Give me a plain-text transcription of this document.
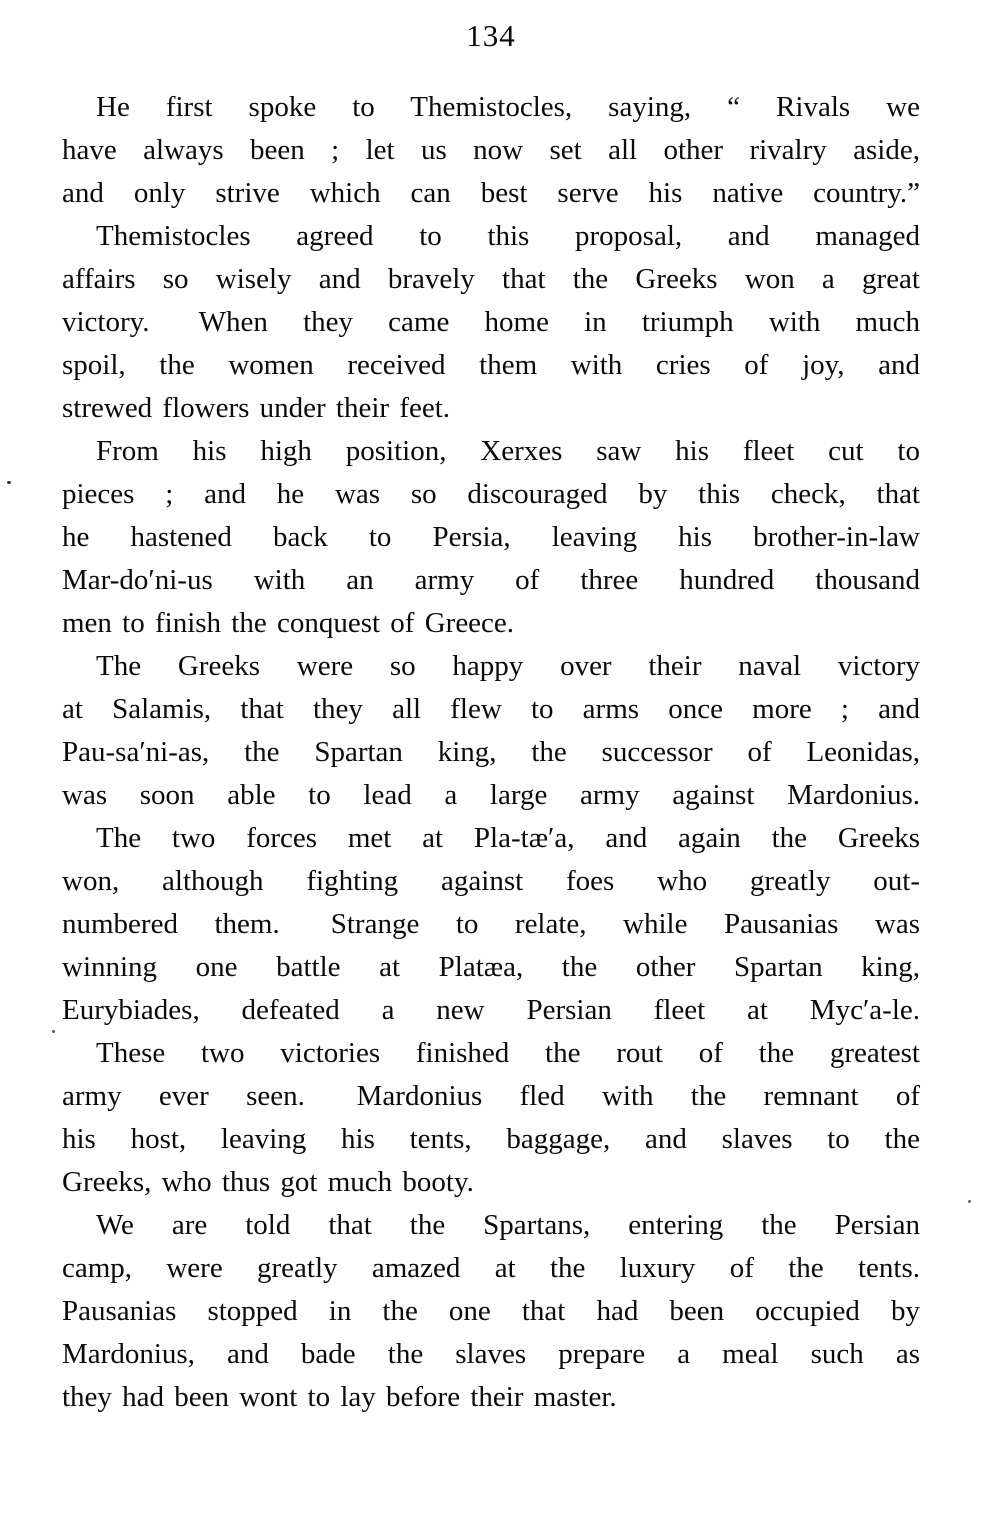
134
He first spoke to Themistocles, saying, “ Rivals we
have always been ; let us now set all other rivalry aside,
and only strive which can best serve his native country.”
Themistocles agreed to this proposal, and managed
affairs so wisely and bravely that the Greeks won a great
victory.  When they came home in triumph with much
spoil, the women received them with cries of joy, and
strewed flowers under their feet.
From his high position, Xerxes saw his fleet cut to
pieces ; and he was so discouraged by this check, that
he hastened back to Persia, leaving his brother-in-law
Mar-do′ni-us with an army of three hundred thousand
men to finish the conquest of Greece.
The Greeks were so happy over their naval victory
at Salamis, that they all flew to arms once more ; and
Pau-sa′ni-as, the Spartan king, the successor of Leonidas,
was soon able to lead a large army against Mardonius.
The two forces met at Pla-tæ′a, and again the Greeks
won, although fighting against foes who greatly out-
numbered them.  Strange to relate, while Pausanias was
winning one battle at Platæa, the other Spartan king,
Eurybiades, defeated a new Persian fleet at Myc′a-le.
These two victories finished the rout of the greatest
army ever seen.  Mardonius fled with the remnant of
his host, leaving his tents, baggage, and slaves to the
Greeks, who thus got much booty.
We are told that the Spartans, entering the Persian
camp, were greatly amazed at the luxury of the tents.
Pausanias stopped in the one that had been occupied by
Mardonius, and bade the slaves prepare a meal such as
they had been wont to lay before their master.
